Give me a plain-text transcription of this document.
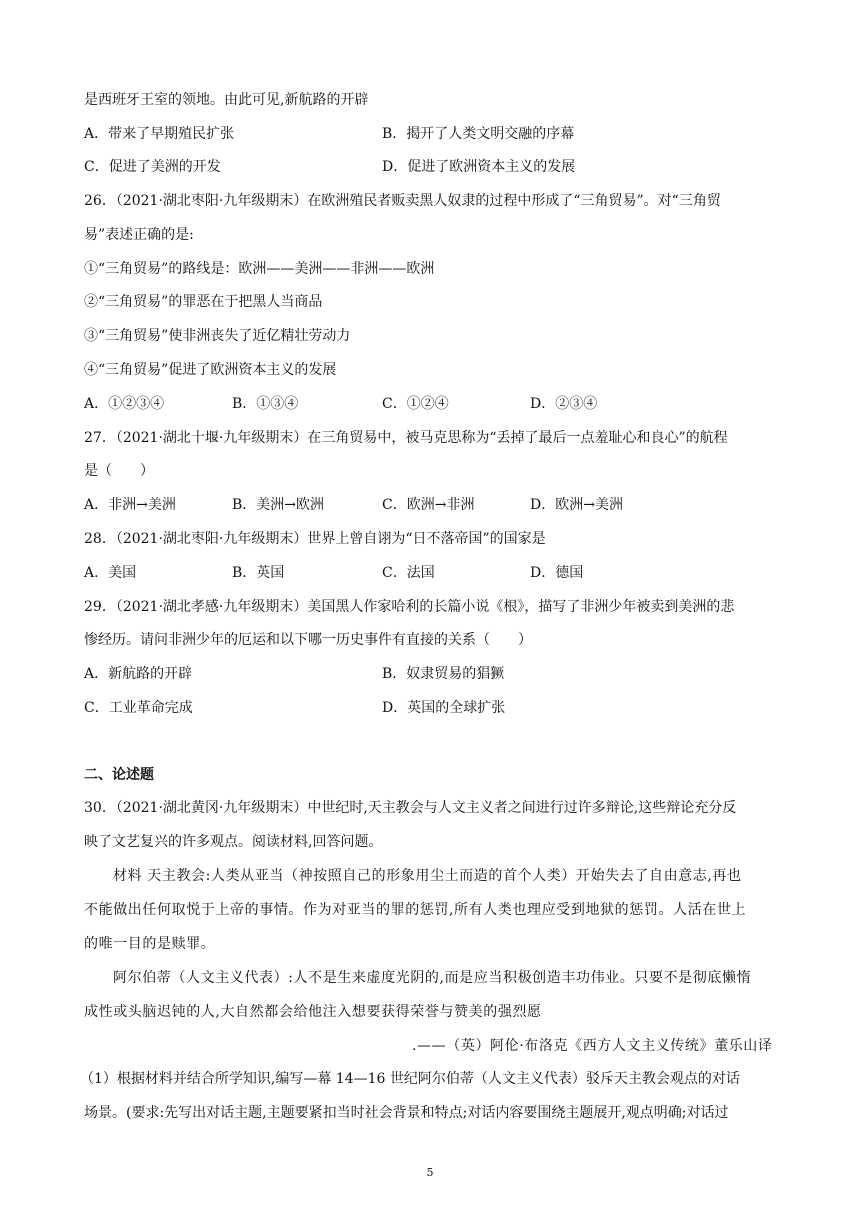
是西班牙王室的领地。由此可见,新航路的开辟
A．带来了早期殖民扩张	B．揭开了人类文明交融的序幕
C．促进了美洲的开发	D．促进了欧洲资本主义的发展
26．（2021·湖北枣阳·九年级期末）在欧洲殖民者贩卖黑人奴隶的过程中形成了“三角贸易”。对“三角贸
易”表述正确的是:
①“三角贸易”的路线是：欧洲——美洲——非洲——欧洲
②“三角贸易”的罪恶在于把黑人当商品
③“三角贸易”使非洲丧失了近亿精壮劳动力
④“三角贸易”促进了欧洲资本主义的发展
A．①②③④	B．①③④	C．①②④	D．②③④
27．（2021·湖北十堰·九年级期末）在三角贸易中，被马克思称为“丢掉了最后一点羞耻心和良心”的航程
是（　　）
A．非洲→美洲	B．美洲→欧洲	C．欧洲→非洲	D．欧洲→美洲
28．（2021·湖北枣阳·九年级期末）世界上曾自诩为“日不落帝国”的国家是
A．美国	B．英国	C．法国	D．德国
29．（2021·湖北孝感·九年级期末）美国黑人作家哈利的长篇小说《根》，描写了非洲少年被卖到美洲的悲
惨经历。请问非洲少年的厄运和以下哪一历史事件有直接的关系（　　）
A．新航路的开辟	B．奴隶贸易的猖獗
C．工业革命完成	D．英国的全球扩张
二、论述题
30．（2021·湖北黄冈·九年级期末）中世纪时,天主教会与人文主义者之间进行过许多辩论,这些辩论充分反
映了文艺复兴的许多观点。阅读材料,回答问题。
材料 天主教会:人类从亚当（神按照自己的形象用尘土而造的首个人类）开始失去了自由意志,再也
不能做出任何取悦于上帝的事情。作为对亚当的罪的惩罚,所有人类也理应受到地狱的惩罚。人活在世上
的唯一目的是赎罪。
阿尔伯蒂（人文主义代表）:人不是生来虚度光阴的,而是应当积极创造丰功伟业。只要不是彻底懒惰
成性或头脑迟钝的人,大自然都会给他注入想要获得荣誉与赞美的强烈愿
.——（英）阿伦·布洛克《西方人文主义传统》董乐山译
（1）根据材料并结合所学知识,编写—幕 14—16 世纪阿尔伯蒂（人文主义代表）驳斥天主教会观点的对话
场景。(要求:先写出对话主题,主题要紧扣当时社会背景和特点;对话内容要围绕主题展开,观点明确;对话过
5
